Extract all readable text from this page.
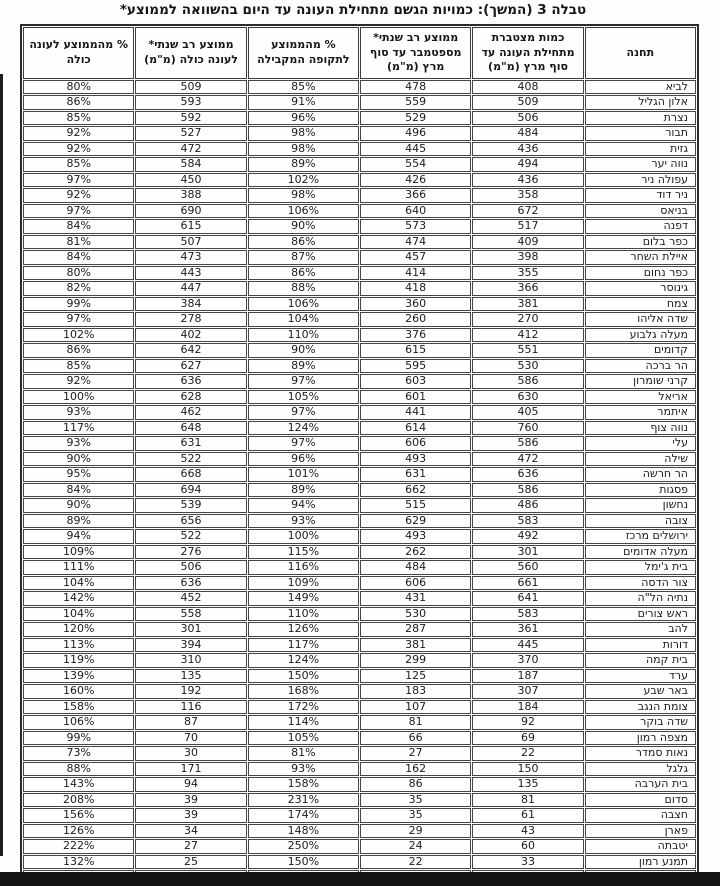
טבלה 3 (המשך): כמויות הגשם מתחילת העונה עד היום בהשוואה לממוצע*
תחנה	כמות מצטברת מתחילת העונה עד סוף מרץ (מ"מ)	ממוצע רב שנתי* מספטמבר עד סוף מרץ (מ"מ)	% מהממוצע לתקופה המקבילה	ממוצע רב שנתי* לעונה כולה (מ"מ)	% מהממוצע לעונה כולה
לביא	408	478	85%	509	80%
אלון הגליל	509	559	91%	593	86%
נצרת	506	529	96%	592	85%
תבור	484	496	98%	527	92%
גזית	436	445	98%	472	92%
נווה יער	494	554	89%	584	85%
עפולה ניר	436	426	102%	450	97%
ניר דוד	358	366	98%	388	92%
בניאס	672	640	106%	690	97%
דפנה	517	573	90%	615	84%
כפר בלום	409	474	86%	507	81%
איילת השחר	398	457	87%	473	84%
כפר נחום	355	414	86%	443	80%
גינוסר	366	418	88%	447	82%
צמח	381	360	106%	384	99%
שדה אליהו	270	260	104%	278	97%
מעלה גלבוע	412	376	110%	402	102%
קדומים	551	615	90%	642	86%
הר ברכה	530	595	89%	627	85%
קרני שומרון	586	603	97%	636	92%
אריאל	630	601	105%	628	100%
איתמר	405	441	97%	462	93%
נווה צוף	760	614	124%	648	117%
עלי	586	606	97%	631	93%
שילה	472	493	96%	522	90%
הר חרשה	636	631	101%	668	95%
פסגות	586	662	89%	694	84%
נחשון	486	515	94%	539	90%
צובה	583	629	93%	656	89%
ירושלים מרכז	492	493	100%	522	94%
מעלה אדומים	301	262	115%	276	109%
בית ג'ימל	560	484	116%	506	111%
צור הדסה	661	606	109%	636	104%
נתיה הל"ה	641	431	149%	452	142%
ראש צורים	583	530	110%	558	104%
להב	361	287	126%	301	120%
דורות	445	381	117%	394	113%
בית קמה	370	299	124%	310	119%
ערד	187	125	150%	135	139%
באר שבע	307	183	168%	192	160%
צומת הנגב	184	107	172%	116	158%
שדה בוקר	92	81	114%	87	106%
מצפה רמון	69	66	105%	70	99%
נאות סמדר	22	27	81%	30	73%
גלגל	150	162	93%	171	88%
בית הערבה	135	86	158%	94	143%
סדום	81	35	231%	39	208%
חצבה	61	35	174%	39	156%
פארן	43	29	148%	34	126%
יטבתה	60	24	250%	27	222%
תמנע רמון	33	22	150%	25	132%
